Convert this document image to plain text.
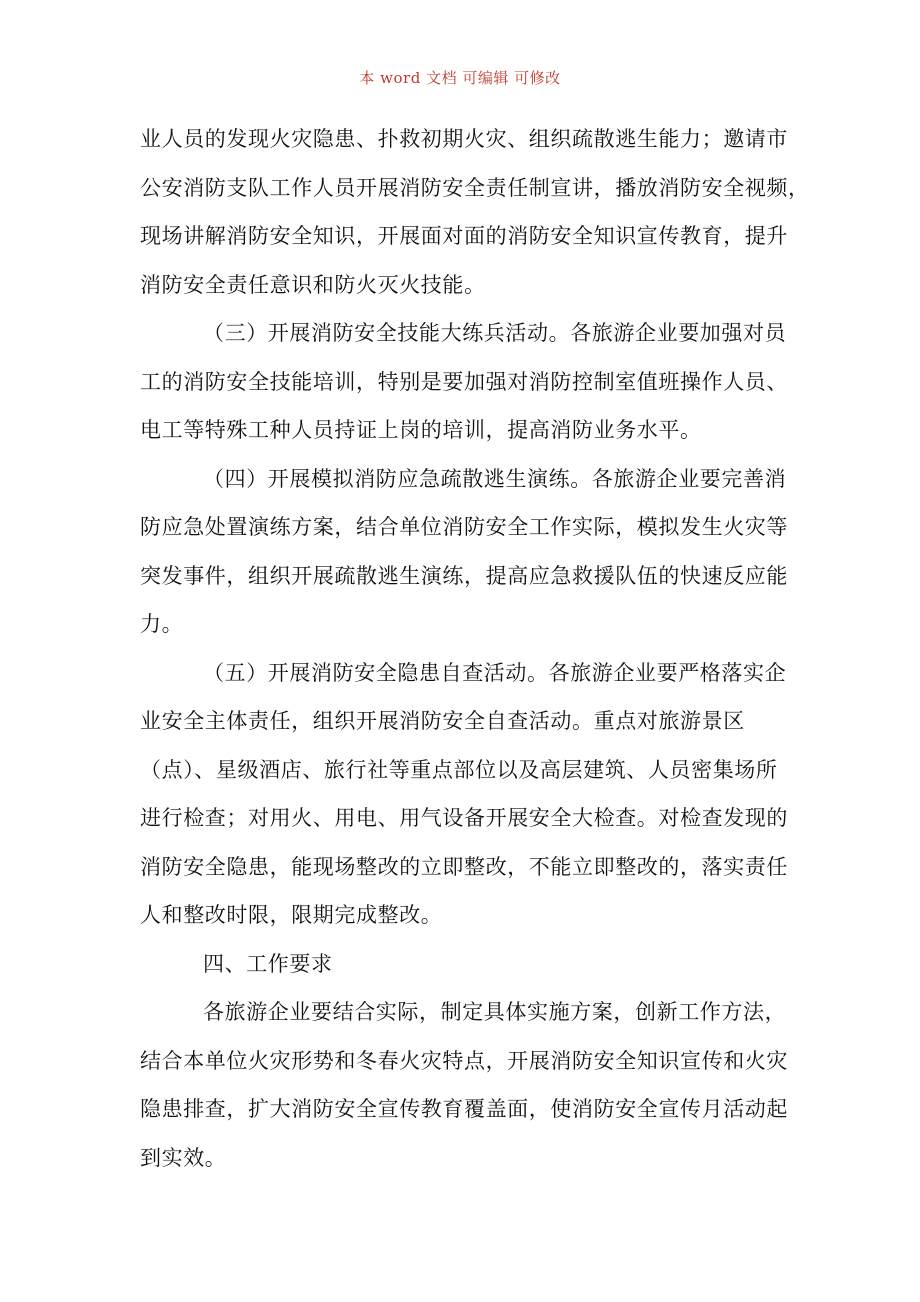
本 word 文档 可编辑 可修改
业人员的发现火灾隐患、扑救初期火灾、组织疏散逃生能力；邀请市
公安消防支队工作人员开展消防安全责任制宣讲，播放消防安全视频，
现场讲解消防安全知识，开展面对面的消防安全知识宣传教育，提升
消防安全责任意识和防火灭火技能。
（三）开展消防安全技能大练兵活动。各旅游企业要加强对员
工的消防安全技能培训，特别是要加强对消防控制室值班操作人员、
电工等特殊工种人员持证上岗的培训，提高消防业务水平。
（四）开展模拟消防应急疏散逃生演练。各旅游企业要完善消
防应急处置演练方案，结合单位消防安全工作实际，模拟发生火灾等
突发事件，组织开展疏散逃生演练，提高应急救援队伍的快速反应能
力。
（五）开展消防安全隐患自查活动。各旅游企业要严格落实企
业安全主体责任，组织开展消防安全自查活动。重点对旅游景区
（点）、星级酒店、旅行社等重点部位以及高层建筑、人员密集场所
进行检查；对用火、用电、用气设备开展安全大检查。对检查发现的
消防安全隐患，能现场整改的立即整改，不能立即整改的，落实责任
人和整改时限，限期完成整改。
四、工作要求
各旅游企业要结合实际，制定具体实施方案，创新工作方法，
结合本单位火灾形势和冬春火灾特点，开展消防安全知识宣传和火灾
隐患排查，扩大消防安全宣传教育覆盖面，使消防安全宣传月活动起
到实效。
